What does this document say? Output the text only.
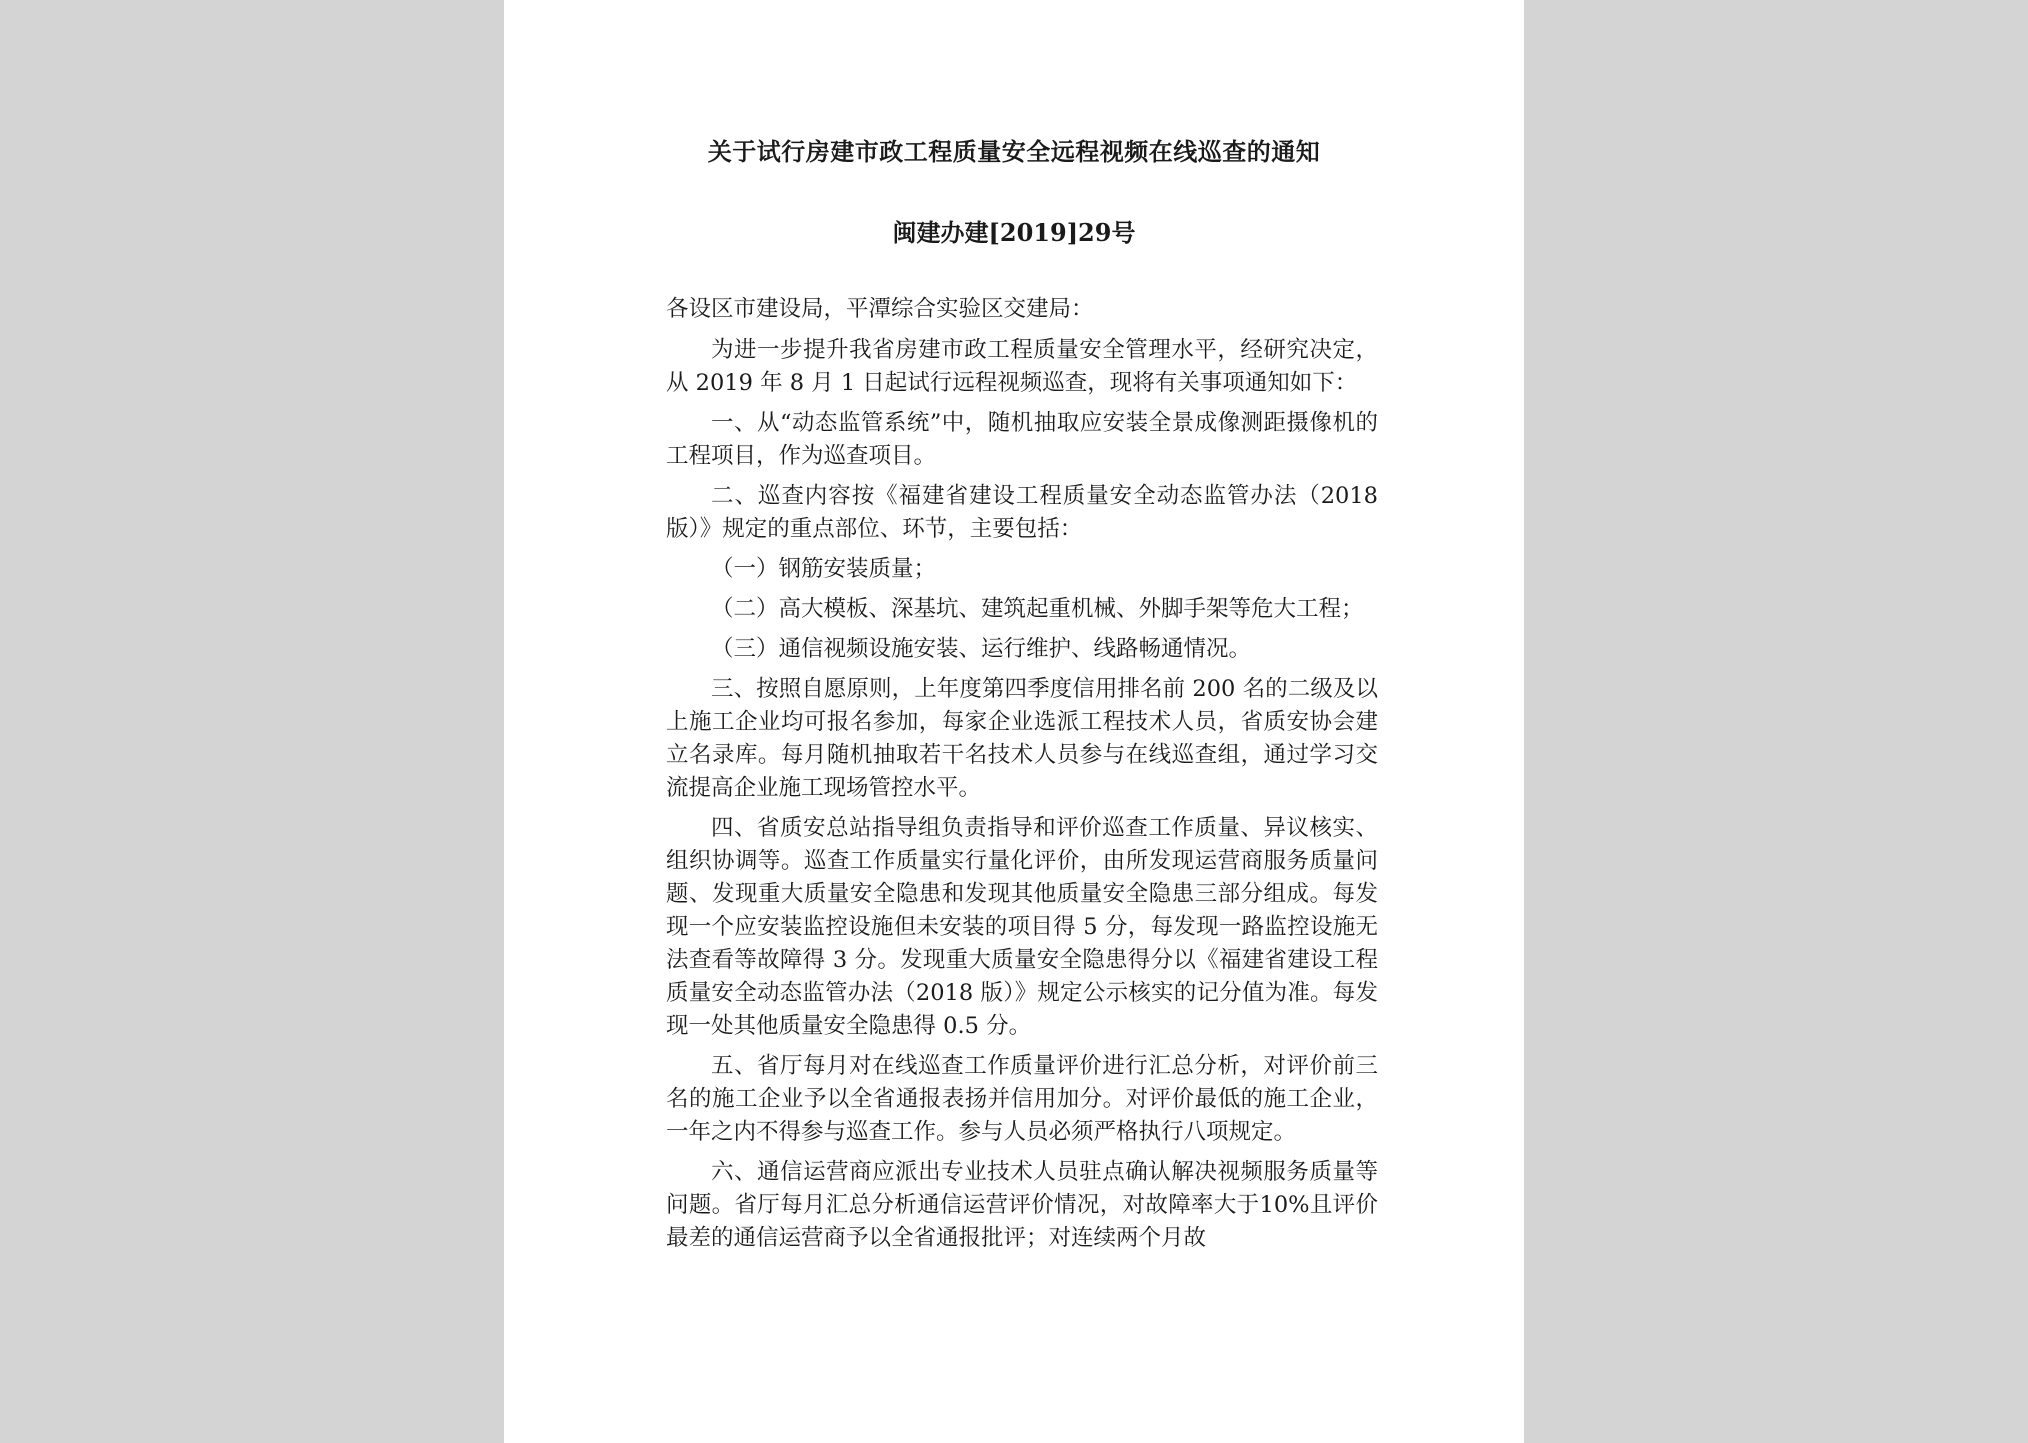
关于试行房建市政工程质量安全远程视频在线巡查的通知
闽建办建[2019]29号

各设区市建设局，平潭综合实验区交建局：

为进一步提升我省房建市政工程质量安全管理水平，经研究决定，从 2019 年 8 月 1 日起试行远程视频巡查，现将有关事项通知如下：

一、从“动态监管系统”中，随机抽取应安装全景成像测距摄像机的工程项目，作为巡查项目。

二、巡查内容按《福建省建设工程质量安全动态监管办法（2018版）》规定的重点部位、环节，主要包括：

（一）钢筋安装质量；

（二）高大模板、深基坑、建筑起重机械、外脚手架等危大工程；

（三）通信视频设施安装、运行维护、线路畅通情况。

三、按照自愿原则，上年度第四季度信用排名前 200 名的二级及以上施工企业均可报名参加，每家企业选派工程技术人员，省质安协会建立名录库。每月随机抽取若干名技术人员参与在线巡查组，通过学习交流提高企业施工现场管控水平。

四、省质安总站指导组负责指导和评价巡查工作质量、异议核实、组织协调等。巡查工作质量实行量化评价，由所发现运营商服务质量问题、发现重大质量安全隐患和发现其他质量安全隐患三部分组成。每发现一个应安装监控设施但未安装的项目得 5 分，每发现一路监控设施无法查看等故障得 3 分。发现重大质量安全隐患得分以《福建省建设工程质量安全动态监管办法（2018 版）》规定公示核实的记分值为准。每发现一处其他质量安全隐患得 0.5 分。

五、省厅每月对在线巡查工作质量评价进行汇总分析，对评价前三名的施工企业予以全省通报表扬并信用加分。对评价最低的施工企业，一年之内不得参与巡查工作。参与人员必须严格执行八项规定。

六、通信运营商应派出专业技术人员驻点确认解决视频服务质量等问题。省厅每月汇总分析通信运营评价情况，对故障率大于10%且评价最差的通信运营商予以全省通报批评；对连续两个月故
